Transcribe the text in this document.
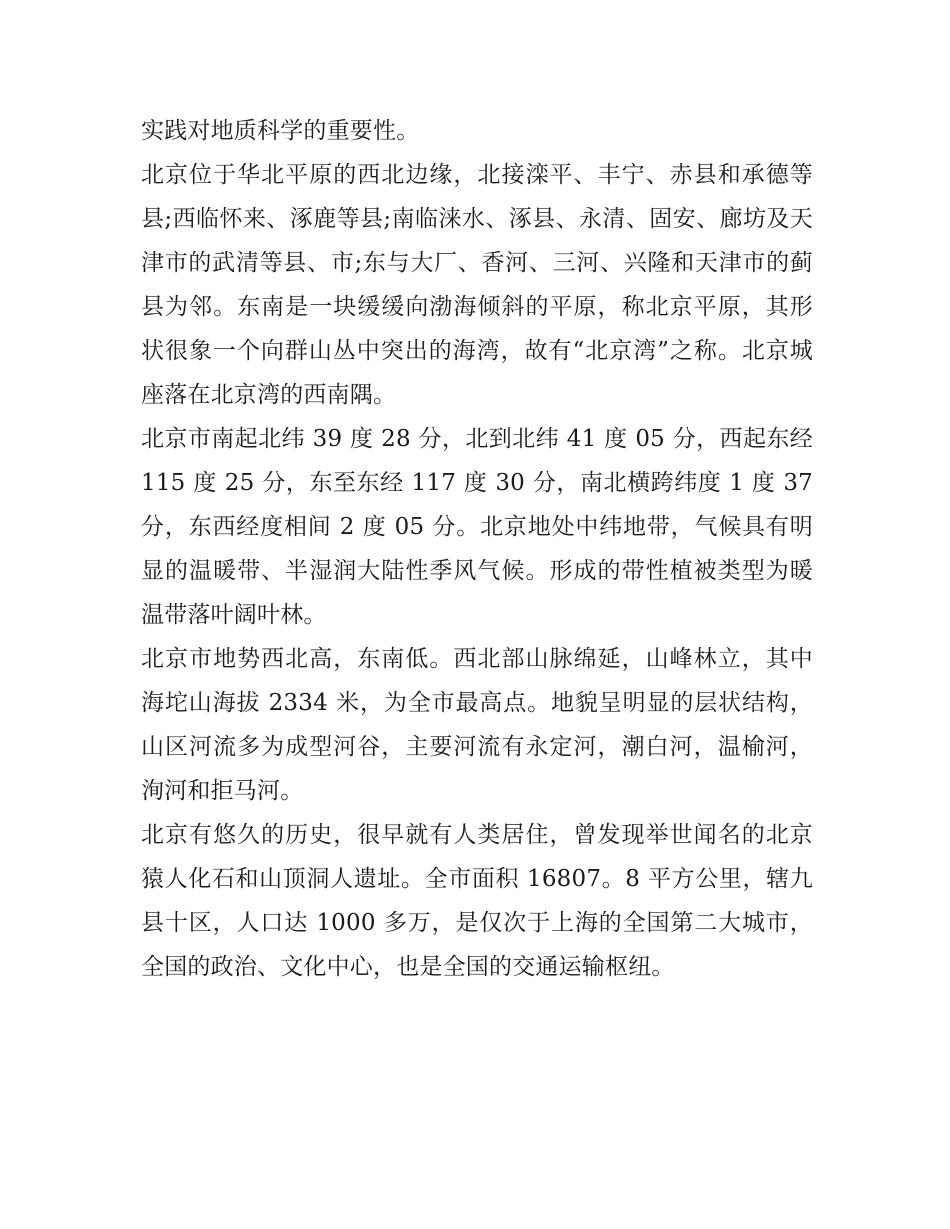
实践对地质科学的重要性。

北京位于华北平原的西北边缘，北接滦平、丰宁、赤县和承德等县;西临怀来、涿鹿等县;南临涞水、涿县、永清、固安、廊坊及天津市的武清等县、市;东与大厂、香河、三河、兴隆和天津市的蓟县为邻。东南是一块缓缓向渤海倾斜的平原，称北京平原，其形状很象一个向群山丛中突出的海湾，故有“北京湾”之称。北京城座落在北京湾的西南隅。

北京市南起北纬 39 度 28 分，北到北纬 41 度 05 分，西起东经 115 度 25 分，东至东经 117 度 30 分，南北横跨纬度 1 度 37 分，东西经度相间 2 度 05 分。北京地处中纬地带，气候具有明显的温暖带、半湿润大陆性季风气候。形成的带性植被类型为暖温带落叶阔叶林。

北京市地势西北高，东南低。西北部山脉绵延，山峰林立，其中海坨山海拔 2334 米，为全市最高点。地貌呈明显的层状结构，山区河流多为成型河谷，主要河流有永定河，潮白河，温榆河，洵河和拒马河。

北京有悠久的历史，很早就有人类居住，曾发现举世闻名的北京猿人化石和山顶洞人遗址。全市面积 16807。8 平方公里，辖九县十区，人口达 1000 多万，是仅次于上海的全国第二大城市，全国的政治、文化中心，也是全国的交通运输枢纽。
